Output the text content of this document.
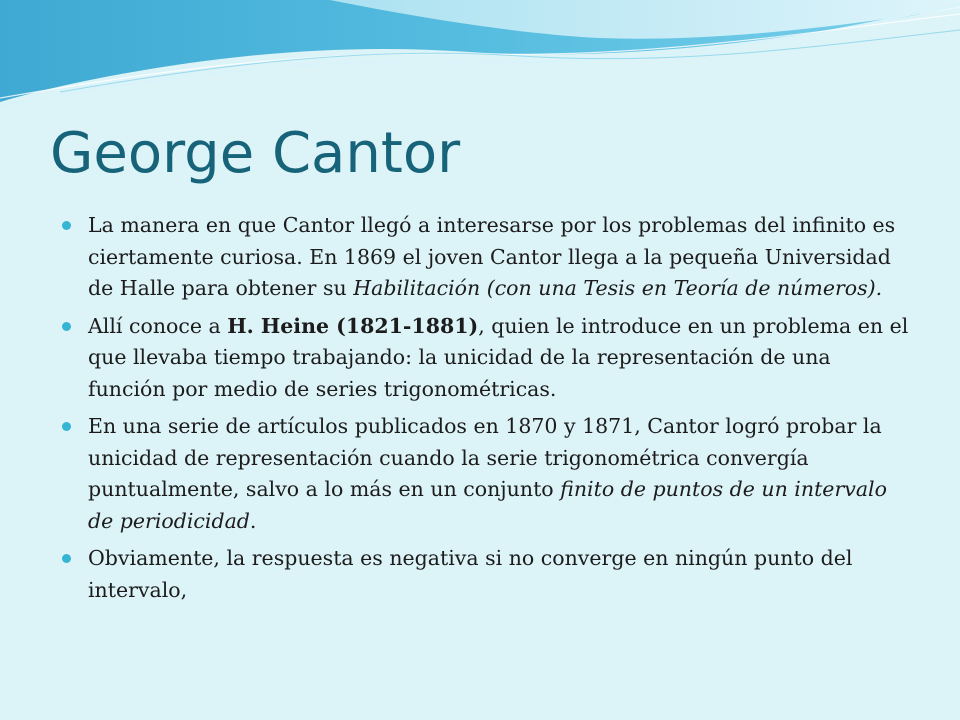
George Cantor
La manera en que Cantor llegó a interesarse por los problemas del infinito es ciertamente curiosa. En 1869 el joven Cantor llega a la pequeña Universidad de Halle para obtener su Habilitación (con una Tesis en Teoría de números).
Allí conoce a H. Heine (1821-1881), quien le introduce en un problema en el que llevaba tiempo trabajando: la unicidad de la representación de una función por medio de series trigonométricas.
En una serie de artículos publicados en 1870 y 1871, Cantor logró probar la unicidad de representación cuando la serie trigonométrica convergía puntualmente, salvo a lo más en un conjunto finito de puntos de un intervalo de periodicidad.
Obviamente, la respuesta es negativa si no converge en ningún punto del intervalo,
